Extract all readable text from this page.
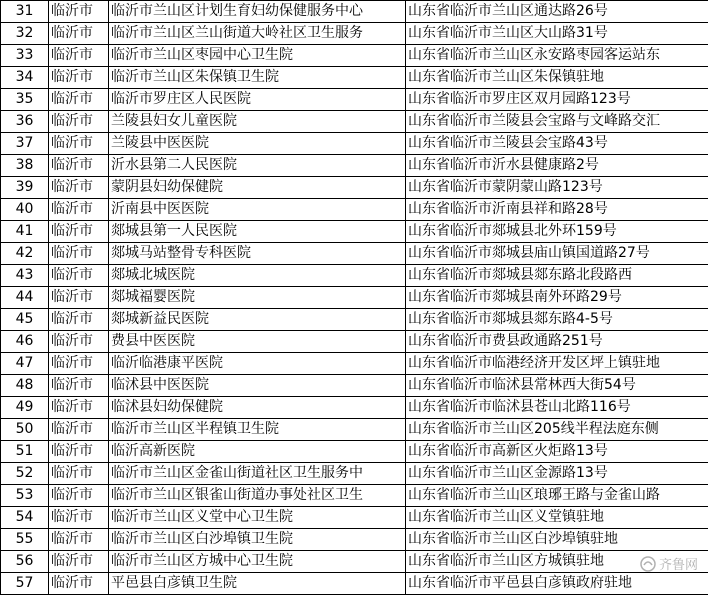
31	临沂市	临沂市兰山区计划生育妇幼保健服务中心	山东省临沂市兰山区通达路26号
32	临沂市	临沂市兰山区兰山街道大岭社区卫生服务	山东省临沂市兰山区大山路31号
33	临沂市	临沂市兰山区枣园中心卫生院	山东省临沂市兰山区永安路枣园客运站东
34	临沂市	临沂市兰山区朱保镇卫生院	山东省临沂市兰山区朱保镇驻地
35	临沂市	临沂市罗庄区人民医院	山东省临沂市罗庄区双月园路123号
36	临沂市	兰陵县妇女儿童医院	山东省临沂市兰陵县会宝路与文峰路交汇
37	临沂市	兰陵县中医医院	山东省临沂市兰陵县会宝路43号
38	临沂市	沂水县第二人民医院	山东省临沂市沂水县健康路2号
39	临沂市	蒙阴县妇幼保健院	山东省临沂市蒙阴蒙山路123号
40	临沂市	沂南县中医医院	山东省临沂市沂南县祥和路28号
41	临沂市	郯城县第一人民医院	山东省临沂市郯城县北外环159号
42	临沂市	郯城马站整骨专科医院	山东省临沂市郯城县庙山镇国道路27号
43	临沂市	郯城北城医院	山东省临沂市郯城县郯东路北段路西
44	临沂市	郯城福婴医院	山东省临沂市郯城县南外环路29号
45	临沂市	郯城新益民医院	山东省临沂市郯城县郯东路4-5号
46	临沂市	费县中医医院	山东省临沂市费县政通路251号
47	临沂市	临沂临港康平医院	山东省临沂市临港经济开发区坪上镇驻地
48	临沂市	临沭县中医医院	山东省临沂市临沭县常林西大街54号
49	临沂市	临沭县妇幼保健院	山东省临沂市临沭县苍山北路116号
50	临沂市	临沂市兰山区半程镇卫生院	山东省临沂市兰山区205线半程法庭东侧
51	临沂市	临沂高新医院	山东省临沂市高新区火炬路13号
52	临沂市	临沂市兰山区金雀山街道社区卫生服务中	山东省临沂市兰山区金源路13号
53	临沂市	临沂市兰山区银雀山街道办事处社区卫生	山东省临沂市兰山区琅琊王路与金雀山路
54	临沂市	临沂市兰山区义堂中心卫生院	山东省临沂市兰山区义堂镇驻地
55	临沂市	临沂市兰山区白沙埠镇卫生院	山东省临沂市兰山区白沙埠镇驻地
56	临沂市	临沂市兰山区方城中心卫生院	山东省临沂市兰山区方城镇驻地
57	临沂市	平邑县白彦镇卫生院	山东省临沂市平邑县白彦镇政府驻地
齐鲁网
